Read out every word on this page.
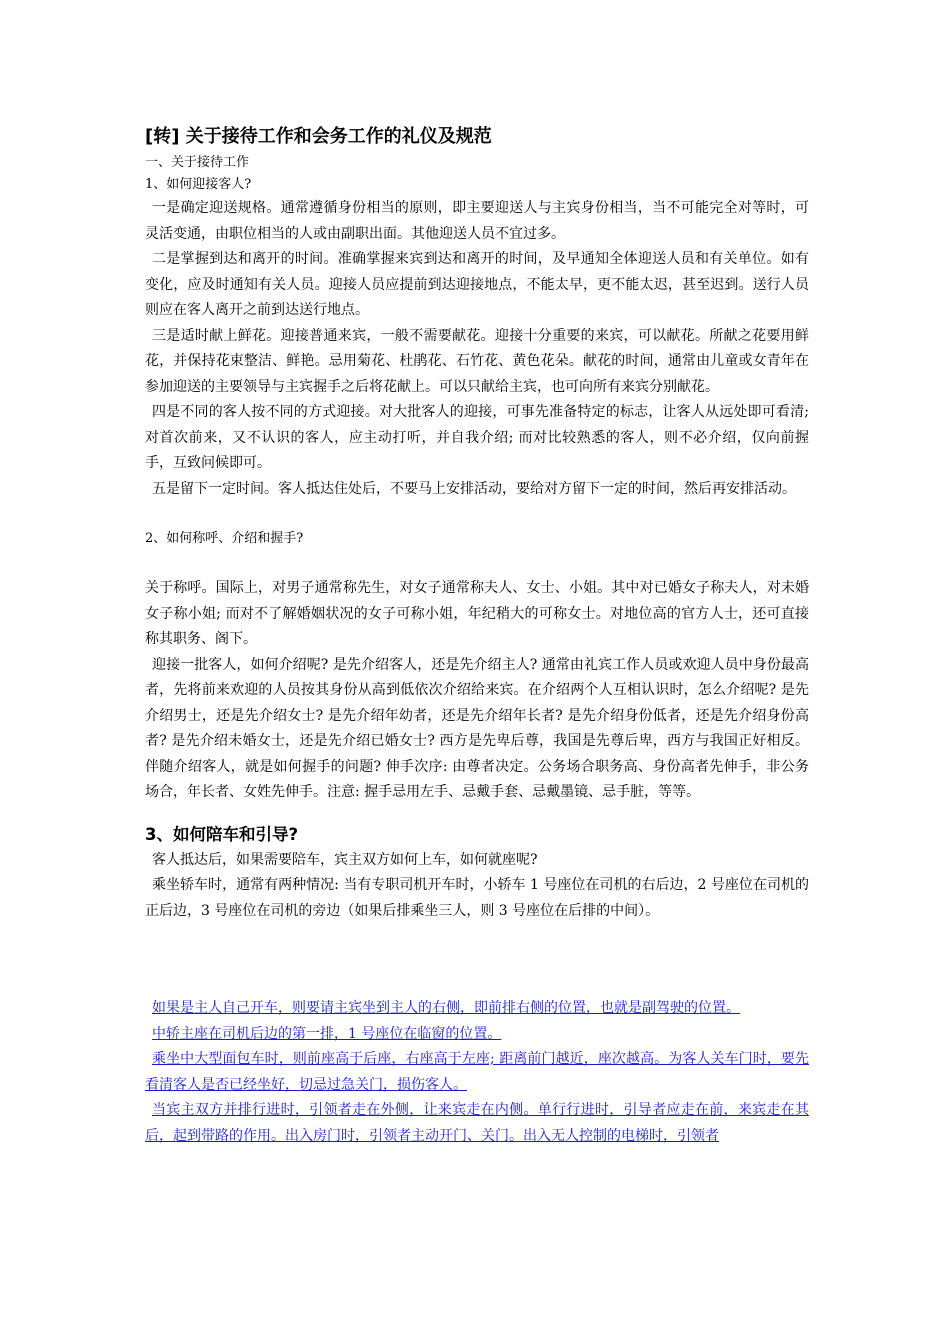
[转] 关于接待工作和会务工作的礼仪及规范

一、关于接待工作

1、如何迎接客人?

一是确定迎送规格。通常遵循身份相当的原则，即主要迎送人与主宾身份相当，当不可能完全对等时，可灵活变通，由职位相当的人或由副职出面。其他迎送人员不宜过多。

二是掌握到达和离开的时间。准确掌握来宾到达和离开的时间，及早通知全体迎送人员和有关单位。如有变化，应及时通知有关人员。迎接人员应提前到达迎接地点，不能太早，更不能太迟，甚至迟到。送行人员则应在客人离开之前到达送行地点。

三是适时献上鲜花。迎接普通来宾，一般不需要献花。迎接十分重要的来宾，可以献花。所献之花要用鲜花，并保持花束整洁、鲜艳。忌用菊花、杜鹃花、石竹花、黄色花朵。献花的时间，通常由儿童或女青年在参加迎送的主要领导与主宾握手之后将花献上。可以只献给主宾，也可向所有来宾分别献花。

四是不同的客人按不同的方式迎接。对大批客人的迎接，可事先准备特定的标志，让客人从远处即可看清; 对首次前来，又不认识的客人，应主动打听，并自我介绍; 而对比较熟悉的客人，则不必介绍，仅向前握手，互致问候即可。

五是留下一定时间。客人抵达住处后，不要马上安排活动，要给对方留下一定的时间，然后再安排活动。

2、如何称呼、介绍和握手?

关于称呼。国际上，对男子通常称先生，对女子通常称夫人、女士、小姐。其中对已婚女子称夫人，对未婚女子称小姐; 而对不了解婚姻状况的女子可称小姐，年纪稍大的可称女士。对地位高的官方人士，还可直接称其职务、阁下。

迎接一批客人，如何介绍呢? 是先介绍客人，还是先介绍主人? 通常由礼宾工作人员或欢迎人员中身份最高者，先将前来欢迎的人员按其身份从高到低依次介绍给来宾。在介绍两个人互相认识时，怎么介绍呢? 是先介绍男士，还是先介绍女士? 是先介绍年幼者，还是先介绍年长者? 是先介绍身份低者，还是先介绍身份高者? 是先介绍未婚女士，还是先介绍已婚女士? 西方是先卑后尊，我国是先尊后卑，西方与我国正好相反。伴随介绍客人，就是如何握手的问题? 伸手次序: 由尊者决定。公务场合职务高、身份高者先伸手，非公务场合，年长者、女姓先伸手。注意: 握手忌用左手、忌戴手套、忌戴墨镜、忌手脏，等等。

3、如何陪车和引导?

客人抵达后，如果需要陪车，宾主双方如何上车，如何就座呢?

乘坐轿车时，通常有两种情况: 当有专职司机开车时，小轿车 1 号座位在司机的右后边，2 号座位在司机的正后边，3 号座位在司机的旁边（如果后排乘坐三人，则 3 号座位在后排的中间）。

如果是主人自己开车，则要请主宾坐到主人的右侧，即前排右侧的位置，也就是副驾驶的位置。

中轿主座在司机后边的第一排，1 号座位在临窗的位置。

乘坐中大型面包车时，则前座高于后座，右座高于左座; 距离前门越近，座次越高。为客人关车门时，要先看清客人是否已经坐好，切忌过急关门，损伤客人。

当宾主双方并排行进时，引领者走在外侧，让来宾走在内侧。单行行进时，引导者应走在前，来宾走在其后，起到带路的作用。出入房门时，引领者主动开门、关门。出入无人控制的电梯时，引领者
